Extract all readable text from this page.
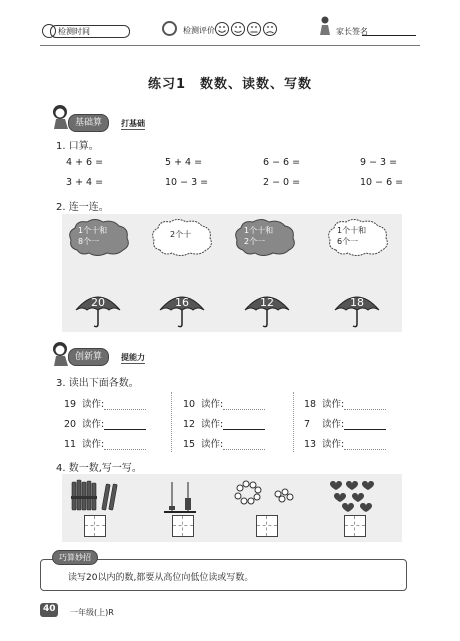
检测时间	检测评价	家长签名
练习1　数数、读数、写数
基础算	打基础
1. 口算。
4 + 6 =	5 + 4 =	6 − 6 =	9 − 3 =
3 + 4 =	10 − 3 =	2 − 0 =	10 − 6 =
2. 连一连。
1个十和
8个一
2个十	1个十和
2个一
1个十和
6个一
20	16	12	18
创新算	提能力
3. 读出下面各数。
19 读作:	10 读作:	18 读作:
20 读作:	12 读作:	7 读作:
11 读作:	15 读作:	13 读作:
4. 数一数,写一写。
巧算妙招
读写20以内的数,都要从高位向低位读或写数。
40 一年级(上)R
